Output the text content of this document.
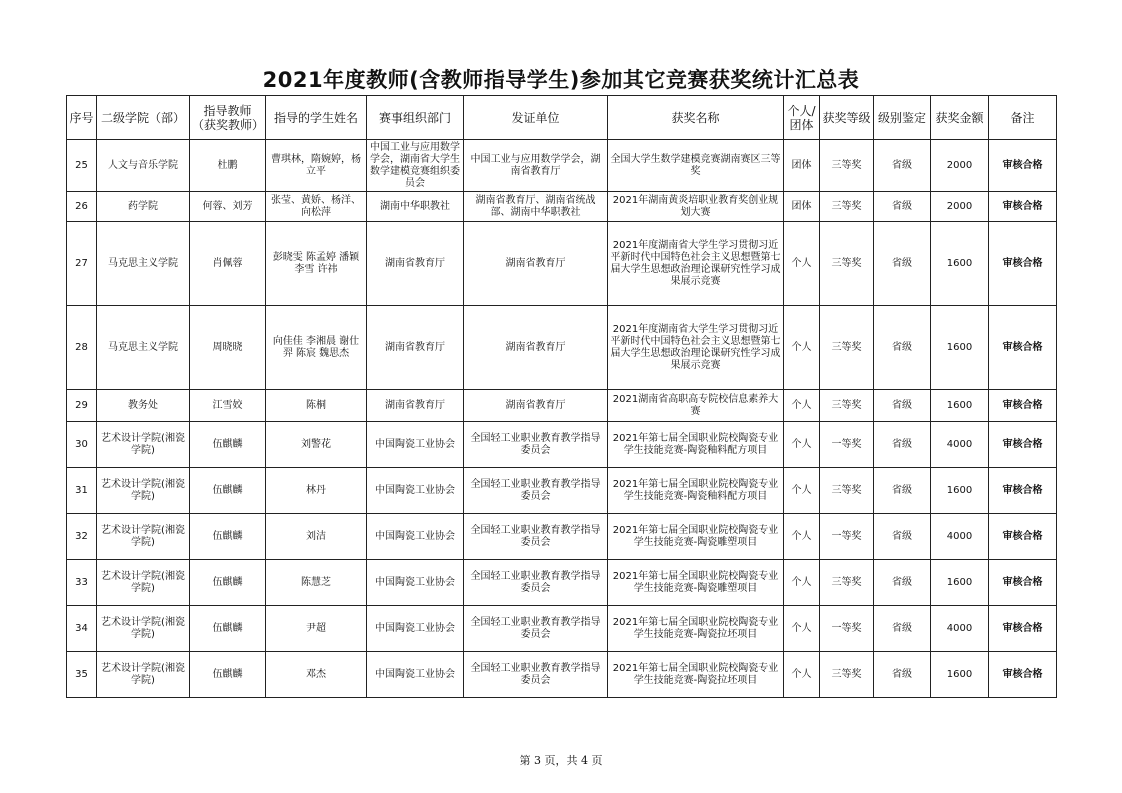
2021年度教师(含教师指导学生)参加其它竞赛获奖统计汇总表
序号	二级学院（部）	指导教师（获奖教师）	指导的学生姓名	赛事组织部门	发证单位	获奖名称	个人/团体	获奖等级	级别鉴定	获奖金额	备注
25	人文与音乐学院	杜鹏	曹琪林，隋婉婷，杨立平	中国工业与应用数学学会，湖南省大学生数学建模竞赛组织委员会	中国工业与应用数学学会，湖南省教育厅	全国大学生数学建模竞赛湖南赛区三等奖	团体	三等奖	省级	2000	审核合格
26	药学院	何蓉、刘芳	张莹、黄娇、杨洋、向松萍	湖南中华职教社	湖南省教育厅、湖南省统战部、湖南中华职教社	2021年湖南黄炎培职业教育奖创业规划大赛	团体	三等奖	省级	2000	审核合格
27	马克思主义学院	肖佩蓉	彭晓雯 陈孟婷 潘颖 李雪 许祎	湖南省教育厅	湖南省教育厅	2021年度湖南省大学生学习贯彻习近平新时代中国特色社会主义思想暨第七届大学生思想政治理论课研究性学习成果展示竞赛	个人	三等奖	省级	1600	审核合格
28	马克思主义学院	周晓晓	向佳佳 李湘晨 谢仕羿 陈宸 魏思杰	湖南省教育厅	湖南省教育厅	2021年度湖南省大学生学习贯彻习近平新时代中国特色社会主义思想暨第七届大学生思想政治理论课研究性学习成果展示竞赛	个人	三等奖	省级	1600	审核合格
29	教务处	江雪姣	陈桐	湖南省教育厅	湖南省教育厅	2021湖南省高职高专院校信息素养大赛	个人	三等奖	省级	1600	审核合格
30	艺术设计学院(湘瓷学院)	伍麒麟	刘警花	中国陶瓷工业协会	全国轻工业职业教育教学指导委员会	2021年第七届全国职业院校陶瓷专业学生技能竞赛-陶瓷釉料配方项目	个人	一等奖	省级	4000	审核合格
31	艺术设计学院(湘瓷学院)	伍麒麟	林丹	中国陶瓷工业协会	全国轻工业职业教育教学指导委员会	2021年第七届全国职业院校陶瓷专业学生技能竞赛-陶瓷釉料配方项目	个人	三等奖	省级	1600	审核合格
32	艺术设计学院(湘瓷学院)	伍麒麟	刘洁	中国陶瓷工业协会	全国轻工业职业教育教学指导委员会	2021年第七届全国职业院校陶瓷专业学生技能竞赛-陶瓷雕塑项目	个人	一等奖	省级	4000	审核合格
33	艺术设计学院(湘瓷学院)	伍麒麟	陈慧芝	中国陶瓷工业协会	全国轻工业职业教育教学指导委员会	2021年第七届全国职业院校陶瓷专业学生技能竞赛-陶瓷雕塑项目	个人	三等奖	省级	1600	审核合格
34	艺术设计学院(湘瓷学院)	伍麒麟	尹超	中国陶瓷工业协会	全国轻工业职业教育教学指导委员会	2021年第七届全国职业院校陶瓷专业学生技能竞赛-陶瓷拉坯项目	个人	一等奖	省级	4000	审核合格
35	艺术设计学院(湘瓷学院)	伍麒麟	邓杰	中国陶瓷工业协会	全国轻工业职业教育教学指导委员会	2021年第七届全国职业院校陶瓷专业学生技能竞赛-陶瓷拉坯项目	个人	三等奖	省级	1600	审核合格
第 3 页，共 4 页
